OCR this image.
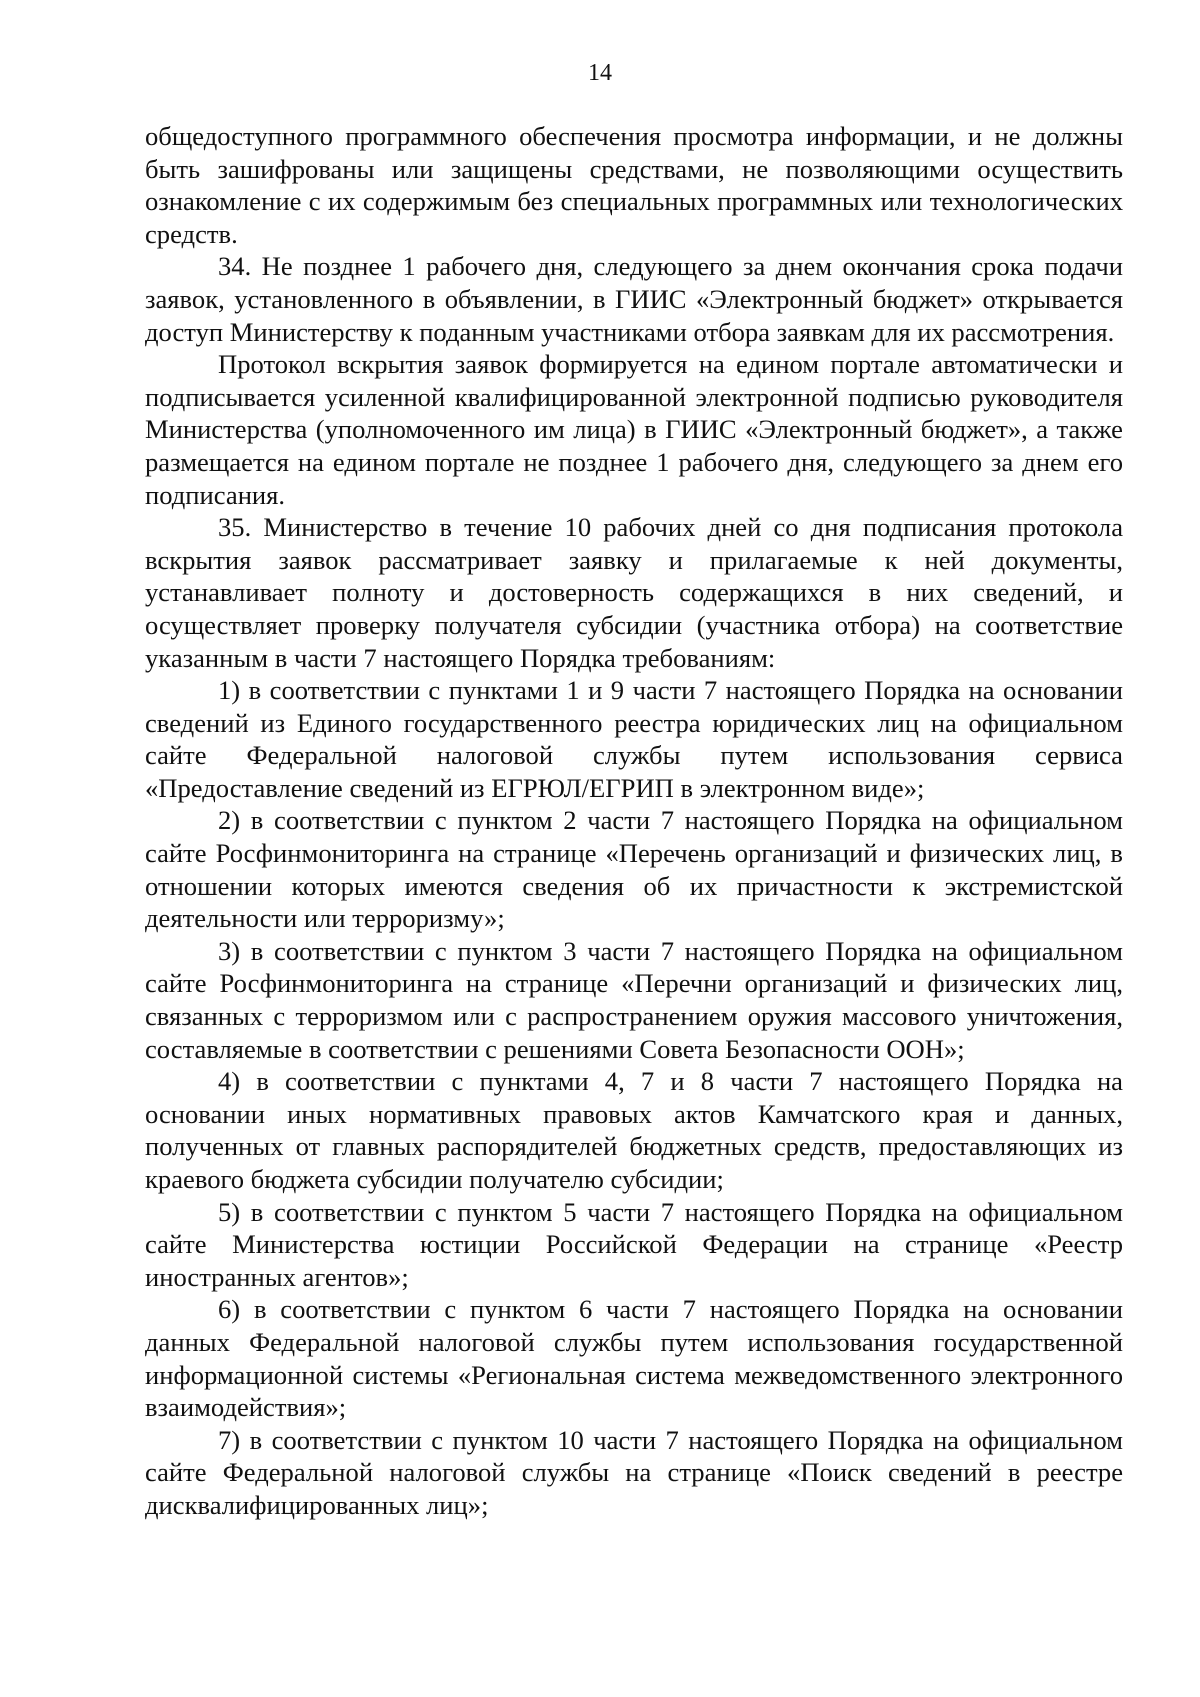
14

общедоступного программного обеспечения просмотра информации, и не должны быть зашифрованы или защищены средствами, не позволяющими осуществить ознакомление с их содержимым без специальных программных или технологических средств.

34. Не позднее 1 рабочего дня, следующего за днем окончания срока подачи заявок, установленного в объявлении, в ГИИС «Электронный бюджет» открывается доступ Министерству к поданным участниками отбора заявкам для их рассмотрения.

Протокол вскрытия заявок формируется на едином портале автоматически и подписывается усиленной квалифицированной электронной подписью руководителя Министерства (уполномоченного им лица) в ГИИС «Электронный бюджет», а также размещается на едином портале не позднее 1 рабочего дня, следующего за днем его подписания.

35. Министерство в течение 10 рабочих дней со дня подписания протокола вскрытия заявок рассматривает заявку и прилагаемые к ней документы, устанавливает полноту и достоверность содержащихся в них сведений, и осуществляет проверку получателя субсидии (участника отбора) на соответствие указанным в части 7 настоящего Порядка требованиям:

1) в соответствии с пунктами 1 и 9 части 7 настоящего Порядка на основании сведений из Единого государственного реестра юридических лиц на официальном сайте Федеральной налоговой службы путем использования сервиса «Предоставление сведений из ЕГРЮЛ/ЕГРИП в электронном виде»;

2) в соответствии с пунктом 2 части 7 настоящего Порядка на официальном сайте Росфинмониторинга на странице «Перечень организаций и физических лиц, в отношении которых имеются сведения об их причастности к экстремистской деятельности или терроризму»;

3) в соответствии с пунктом 3 части 7 настоящего Порядка на официальном сайте Росфинмониторинга на странице «Перечни организаций и физических лиц, связанных с терроризмом или с распространением оружия массового уничтожения, составляемые в соответствии с решениями Совета Безопасности ООН»;

4) в соответствии с пунктами 4, 7 и 8 части 7 настоящего Порядка на основании иных нормативных правовых актов Камчатского края и данных, полученных от главных распорядителей бюджетных средств, предоставляющих из краевого бюджета субсидии получателю субсидии;

5) в соответствии с пунктом 5 части 7 настоящего Порядка на официальном сайте Министерства юстиции Российской Федерации на странице «Реестр иностранных агентов»;

6) в соответствии с пунктом 6 части 7 настоящего Порядка на основании данных Федеральной налоговой службы путем использования государственной информационной системы «Региональная система межведомственного электронного взаимодействия»;

7) в соответствии с пунктом 10 части 7 настоящего Порядка на официальном сайте Федеральной налоговой службы на странице «Поиск сведений в реестре дисквалифицированных лиц»;
